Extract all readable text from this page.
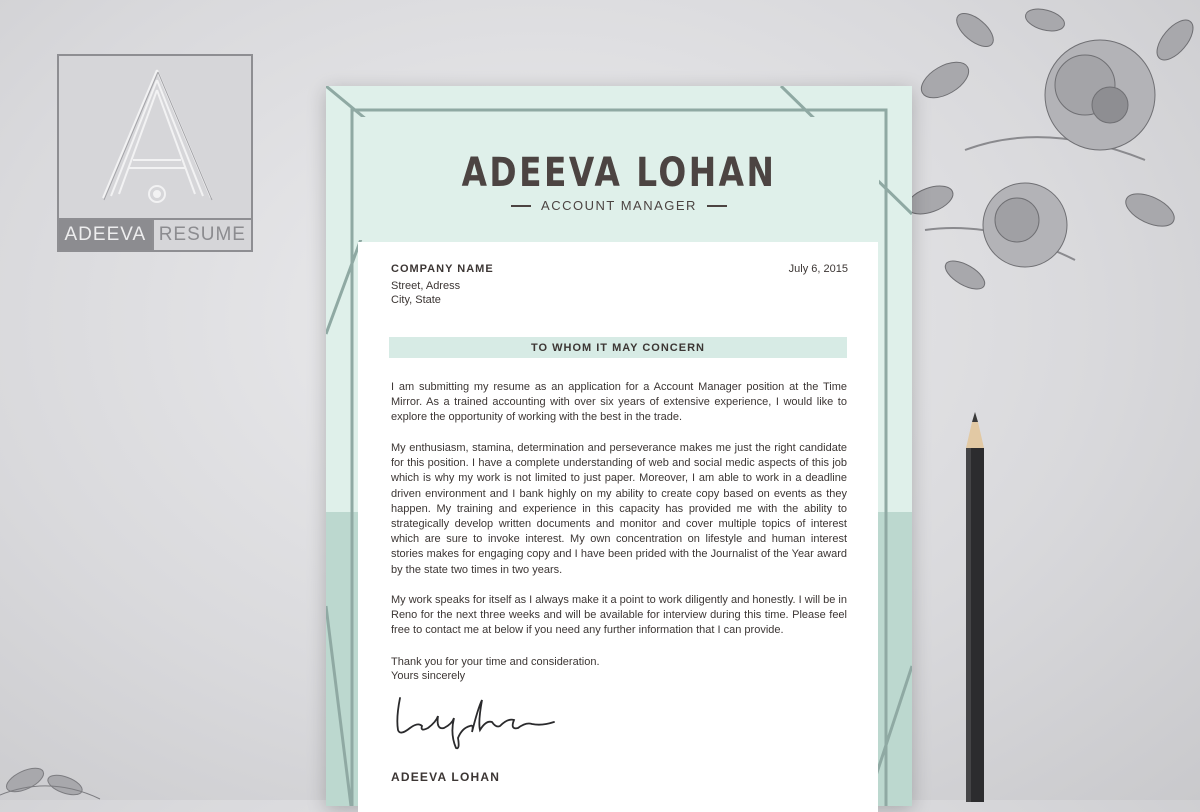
ADEEVA RESUME
ADEEVA LOHAN
ACCOUNT MANAGER
COMPANY NAME	July 6, 2015
Street, Adress
City, State
TO WHOM IT MAY CONCERN
I am submitting my resume as an application for a Account Manager position at the Time Mirror. As a trained accounting with over six years of extensive experience, I would like to explore the opportunity of working with the best in the trade.
My enthusiasm, stamina, determination and perseverance makes me just the right candidate for this position. I have a complete understanding of web and social medic aspects of this job which is why my work is not limited to just paper. Moreover, I am able to work in a deadline driven environment and I bank highly on my ability to create copy based on events as they happen. My training and experience in this capacity has provided me with the ability to strategically develop written documents and monitor and cover multiple topics of interest which are sure to invoke interest. My own concentration on lifestyle and human interest stories makes for engaging copy and I have been prided with the Journalist of the Year award by the state two times in two years.
My work speaks for itself as I always make it a point to work diligently and honestly. I will be in Reno for the next three weeks and will be available for interview during this time. Please feel free to contact me at below if you need any further information that I can provide.
Thank you for your time and consideration.
Yours sincerely
ADEEVA LOHAN
